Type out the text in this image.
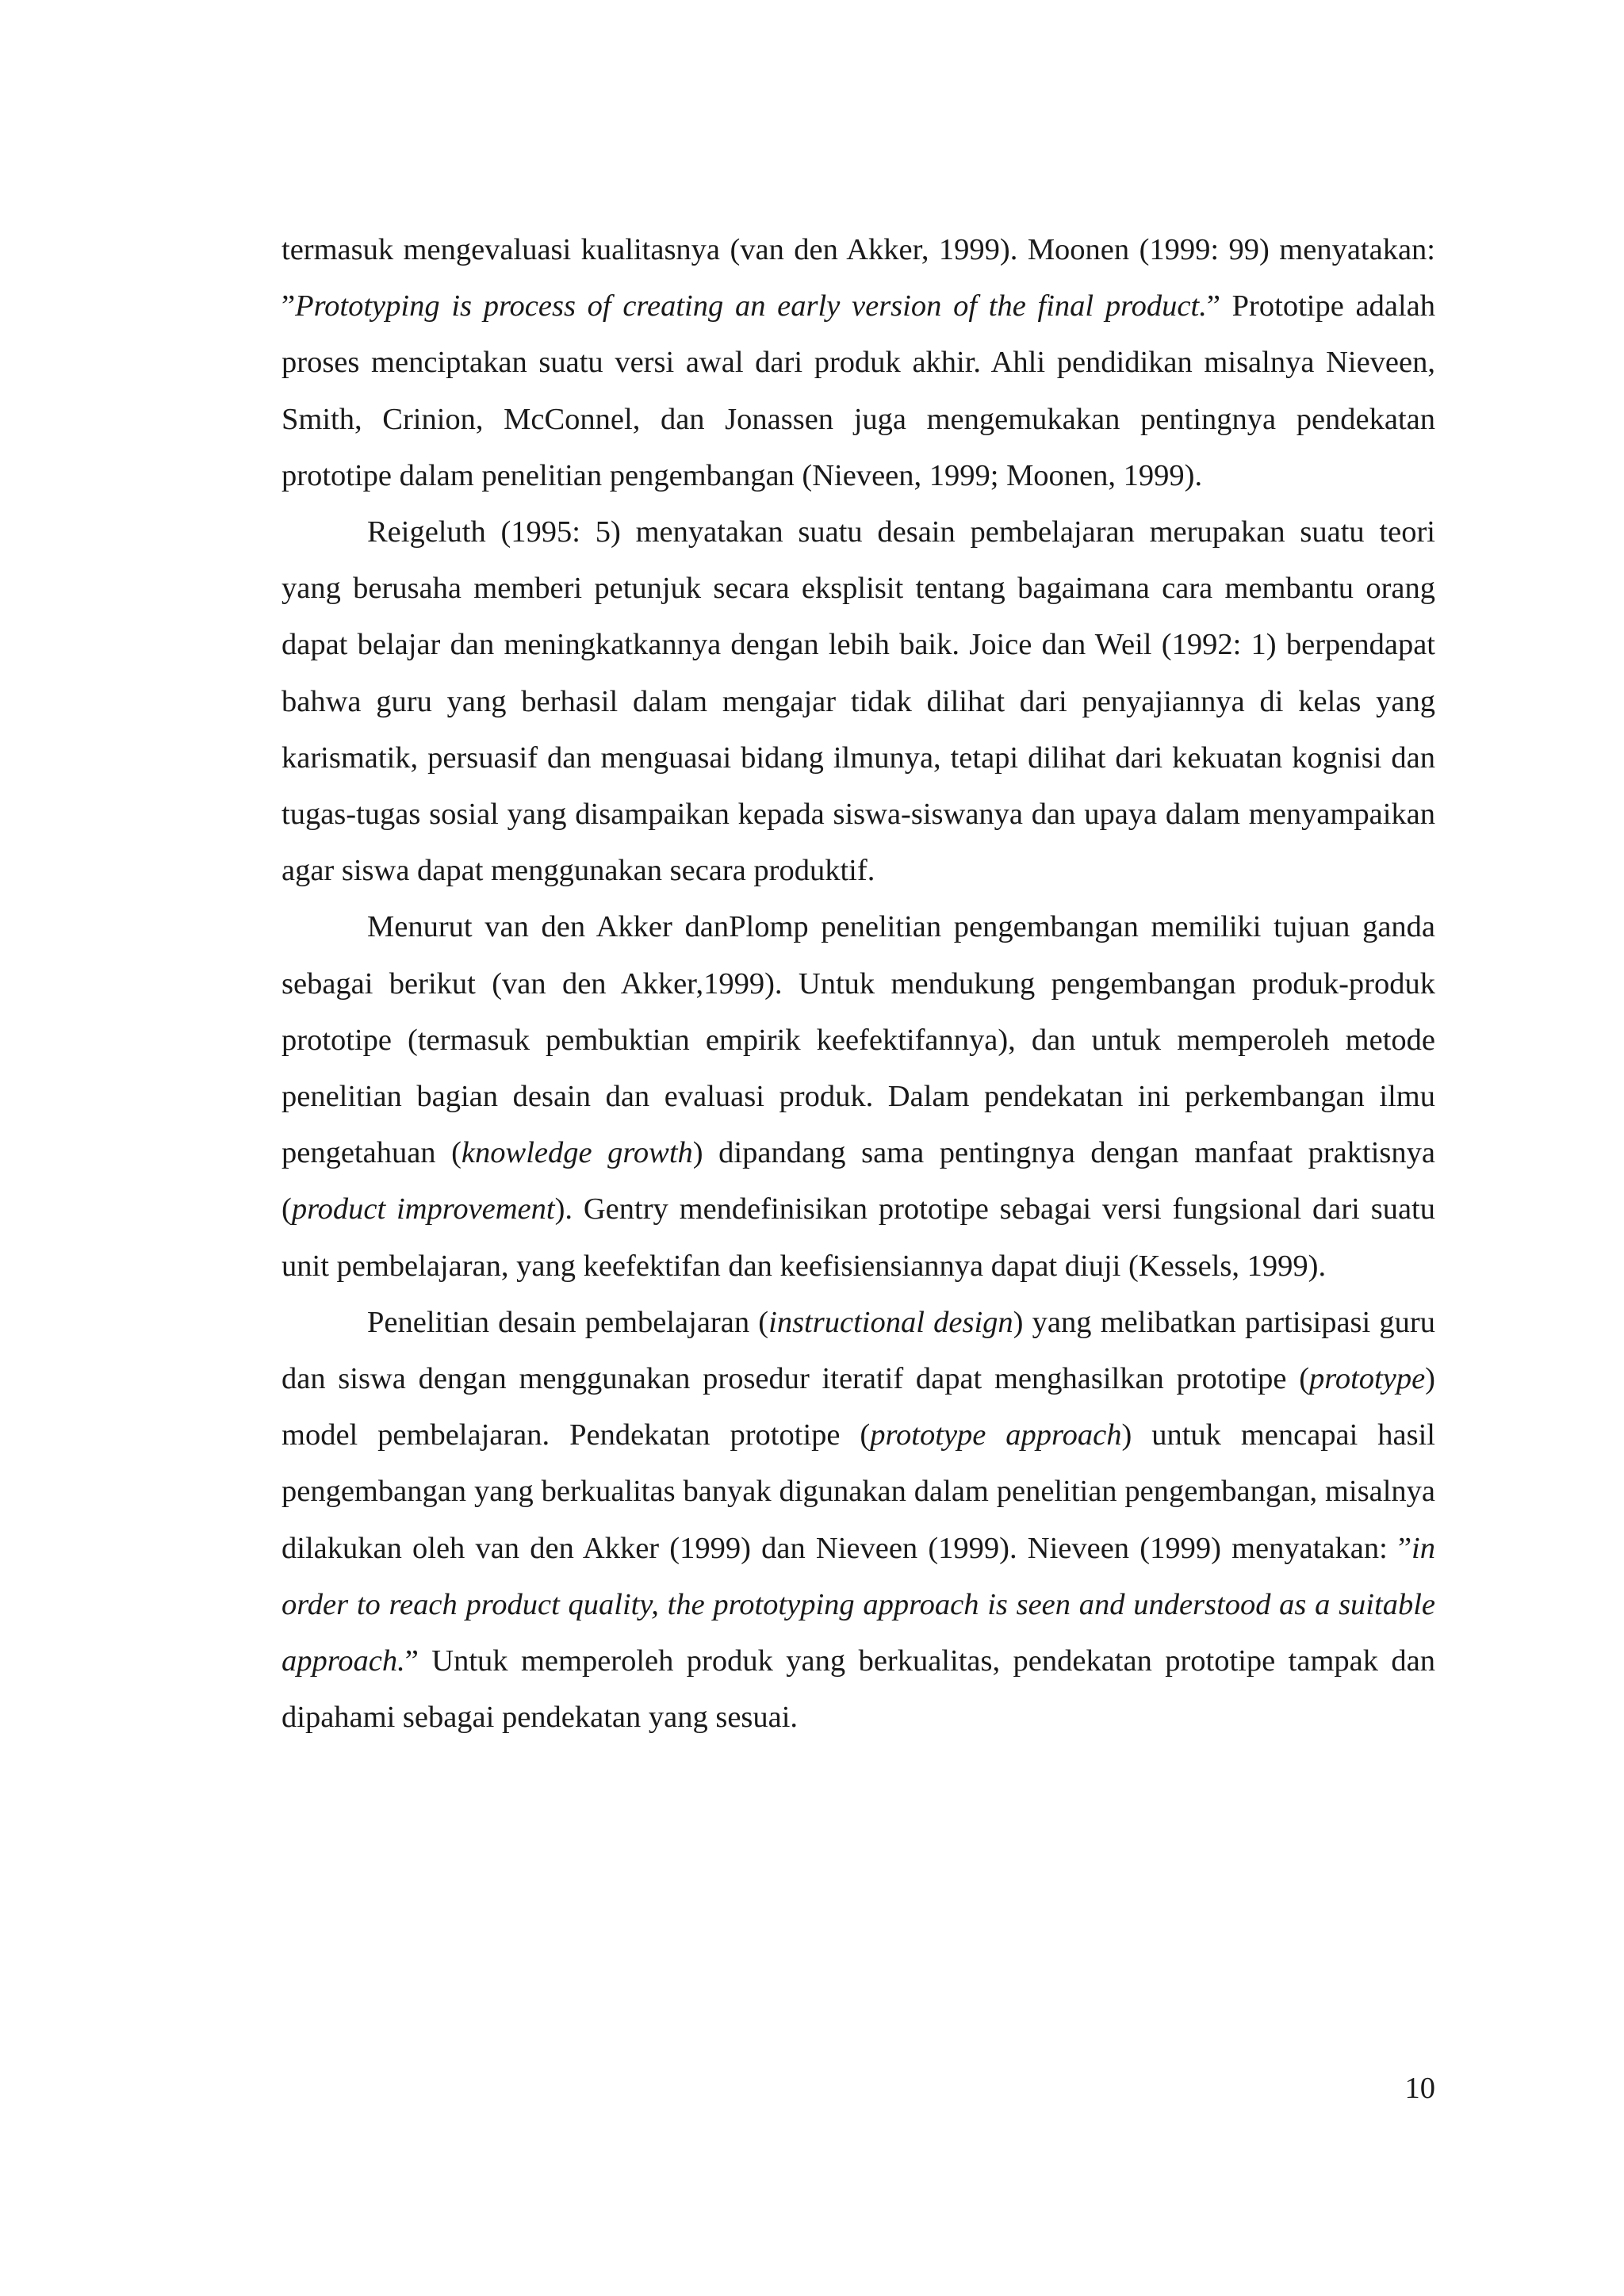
termasuk mengevaluasi kualitasnya (van den Akker, 1999). Moonen (1999: 99) menyatakan: ”Prototyping is process of creating an early version of the final product.” Prototipe adalah proses menciptakan suatu versi awal dari produk akhir. Ahli pendidikan misalnya Nieveen, Smith, Crinion, McConnel, dan Jonassen juga mengemukakan pentingnya pendekatan prototipe dalam penelitian pengembangan (Nieveen, 1999; Moonen, 1999).

Reigeluth (1995: 5) menyatakan suatu desain pembelajaran merupakan suatu teori yang berusaha memberi petunjuk secara eksplisit tentang bagaimana cara membantu orang dapat belajar dan meningkatkannya dengan lebih baik. Joice dan Weil (1992: 1) berpendapat bahwa guru yang berhasil dalam mengajar tidak dilihat dari penyajiannya di kelas yang karismatik, persuasif dan menguasai bidang ilmunya, tetapi dilihat dari kekuatan kognisi dan tugas-tugas sosial yang disampaikan kepada siswa-siswanya dan upaya dalam menyampaikan agar siswa dapat menggunakan secara produktif.

Menurut van den Akker danPlomp penelitian pengembangan memiliki tujuan ganda sebagai berikut (van den Akker,1999). Untuk mendukung pengembangan produk-produk prototipe (termasuk pembuktian empirik keefektifannya), dan untuk memperoleh metode penelitian bagian desain dan evaluasi produk. Dalam pendekatan ini perkembangan ilmu pengetahuan (knowledge growth) dipandang sama pentingnya dengan manfaat praktisnya (product improvement). Gentry mendefinisikan prototipe sebagai versi fungsional dari suatu unit pembelajaran, yang keefektifan dan keefisiensiannya dapat diuji (Kessels, 1999).

Penelitian desain pembelajaran (instructional design) yang melibatkan partisipasi guru dan siswa dengan menggunakan prosedur iteratif dapat menghasilkan prototipe (prototype) model pembelajaran. Pendekatan prototipe (prototype approach) untuk mencapai hasil pengembangan yang berkualitas banyak digunakan dalam penelitian pengembangan, misalnya dilakukan oleh van den Akker (1999) dan Nieveen (1999). Nieveen (1999) menyatakan: ”in order to reach product quality, the prototyping approach is seen and understood as a suitable approach.” Untuk memperoleh produk yang berkualitas, pendekatan prototipe tampak dan dipahami sebagai pendekatan yang sesuai.

10
